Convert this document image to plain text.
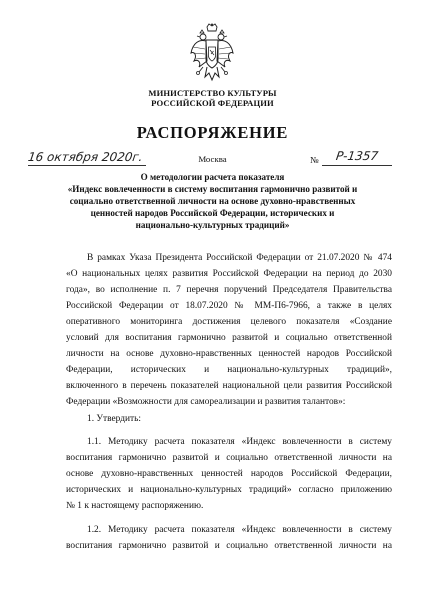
МИНИСТЕРСТВО КУЛЬТУРЫ
РОССИЙСКОЙ ФЕДЕРАЦИИ
РАСПОРЯЖЕНИЕ
16 октября 2020г.	Москва	№ Р-1357
О методологии расчета показателя
«Индекс вовлеченности в систему воспитания гармонично развитой и
социально ответственной личности на основе духовно-нравственных
ценностей народов Российской Федерации, исторических и
национально-культурных традиций»
В рамках Указа Президента Российской Федерации от 21.07.2020 № 474
«О национальных целях развития Российской Федерации на период до 2030
года», во исполнение п. 7 перечня поручений Председателя Правительства
Российской Федерации от 18.07.2020 № ММ-П6-7966, а также в целях
оперативного мониторинга достижения целевого показателя «Создание
условий для воспитания гармонично развитой и социально ответственной
личности на основе духовно-нравственных ценностей народов Российской
Федерации, исторических и национально-культурных традиций»,
включенного в перечень показателей национальной цели развития Российской
Федерации «Возможности для самореализации и развития талантов»:
1. Утвердить:
1.1. Методику расчета показателя «Индекс вовлеченности в систему
воспитания гармонично развитой и социально ответственной личности на
основе духовно-нравственных ценностей народов Российской Федерации,
исторических и национально-культурных традиций» согласно приложению
№ 1 к настоящему распоряжению.
1.2. Методику расчета показателя «Индекс вовлеченности в систему
воспитания гармонично развитой и социально ответственной личности на
